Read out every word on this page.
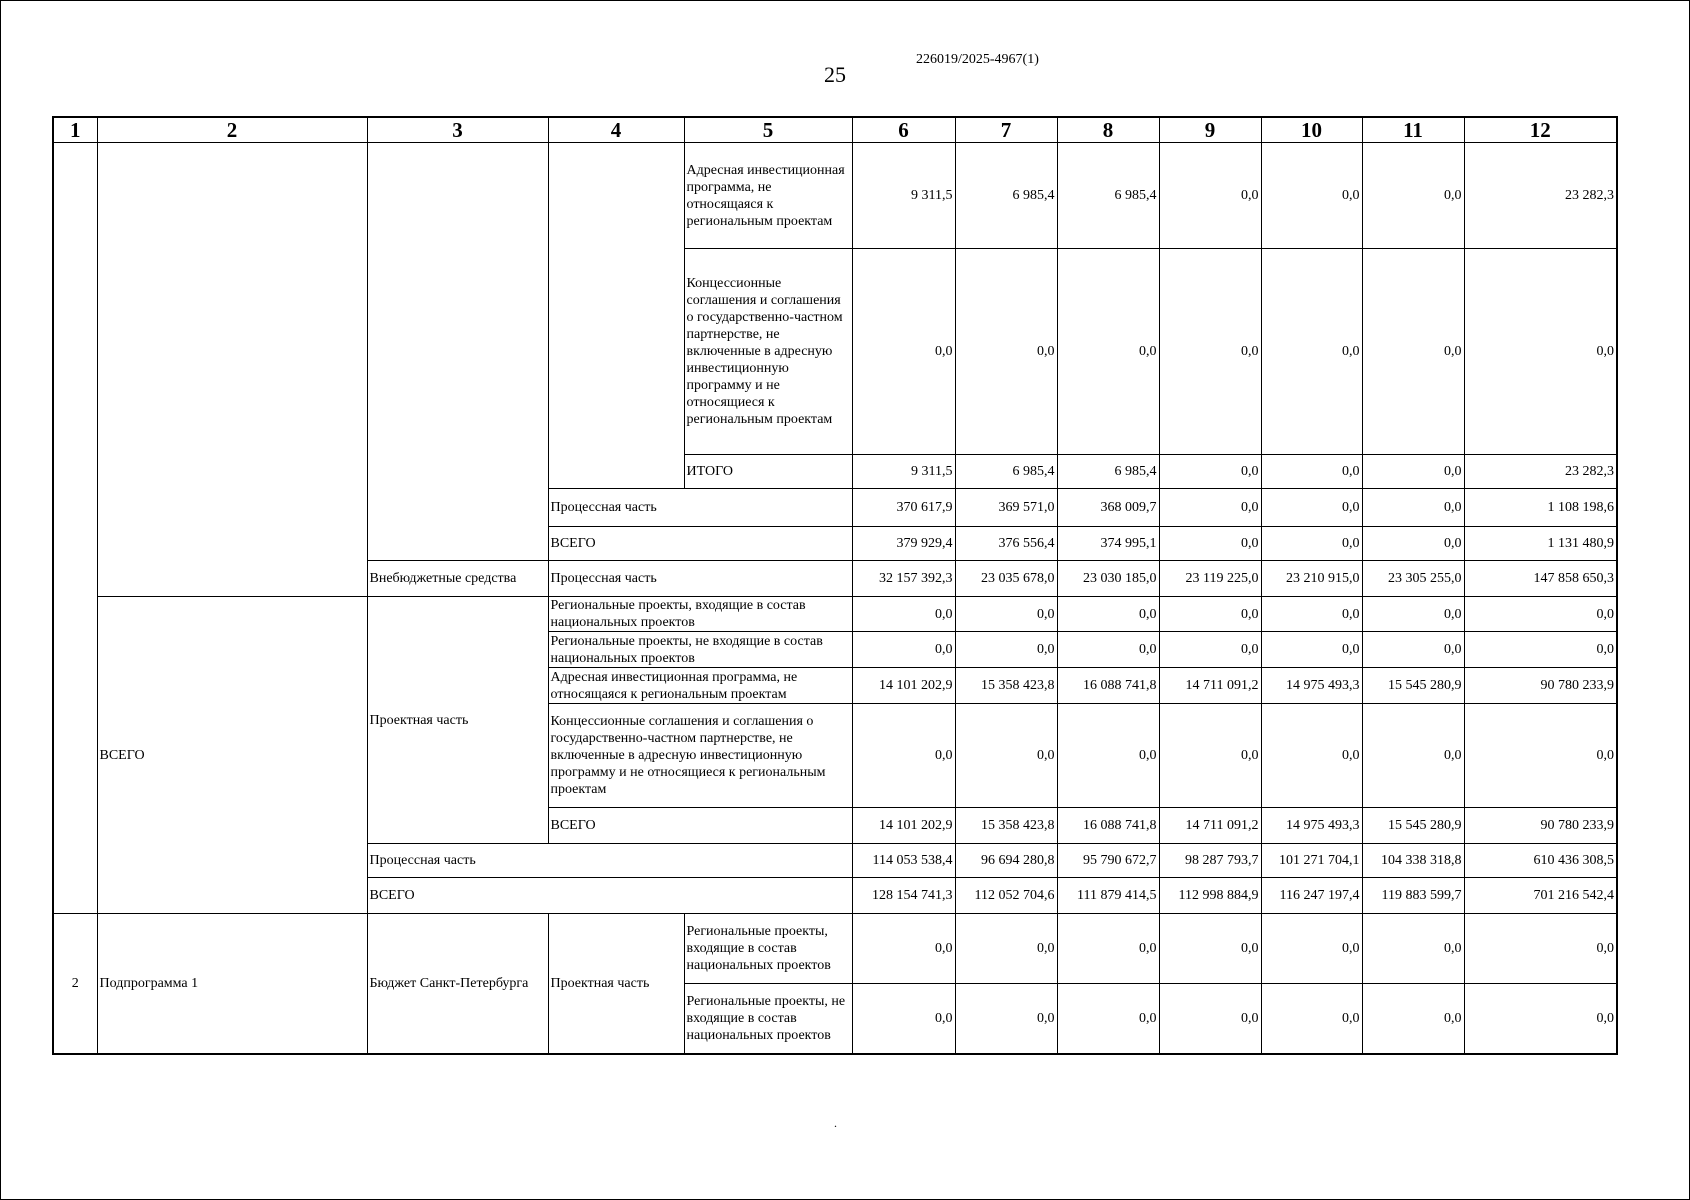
25
226019/2025-4967(1)
1	2	3	4	5	6	7	8	9	10	11	12
				Адресная инвестиционная программа, не относящаяся к региональным проектам	9 311,5	6 985,4	6 985,4	0,0	0,0	0,0	23 282,3
				Концессионные соглашения и соглашения о государственно-частном партнерстве, не включенные в адресную инвестиционную программу и не относящиеся к региональным проектам	0,0	0,0	0,0	0,0	0,0	0,0	0,0
				ИТОГО	9 311,5	6 985,4	6 985,4	0,0	0,0	0,0	23 282,3
			Процессная часть		370 617,9	369 571,0	368 009,7	0,0	0,0	0,0	1 108 198,6
			ВСЕГО		379 929,4	376 556,4	374 995,1	0,0	0,0	0,0	1 131 480,9
		Внебюджетные средства	Процессная часть		32 157 392,3	23 035 678,0	23 030 185,0	23 119 225,0	23 210 915,0	23 305 255,0	147 858 650,3
	ВСЕГО	Проектная часть	Региональные проекты, входящие в состав национальных проектов		0,0	0,0	0,0	0,0	0,0	0,0	0,0
			Региональные проекты, не входящие в состав национальных проектов		0,0	0,0	0,0	0,0	0,0	0,0	0,0
			Адресная инвестиционная программа, не относящаяся к региональным проектам		14 101 202,9	15 358 423,8	16 088 741,8	14 711 091,2	14 975 493,3	15 545 280,9	90 780 233,9
			Концессионные соглашения и соглашения о государственно-частном партнерстве, не включенные в адресную инвестиционную программу и не относящиеся к региональным проектам		0,0	0,0	0,0	0,0	0,0	0,0	0,0
			ВСЕГО		14 101 202,9	15 358 423,8	16 088 741,8	14 711 091,2	14 975 493,3	15 545 280,9	90 780 233,9
		Процессная часть			114 053 538,4	96 694 280,8	95 790 672,7	98 287 793,7	101 271 704,1	104 338 318,8	610 436 308,5
		ВСЕГО			128 154 741,3	112 052 704,6	111 879 414,5	112 998 884,9	116 247 197,4	119 883 599,7	701 216 542,4
2	Подпрограмма 1	Бюджет Санкт-Петербурга	Проектная часть	Региональные проекты, входящие в состав национальных проектов	0,0	0,0	0,0	0,0	0,0	0,0	0,0
				Региональные проекты, не входящие в состав национальных проектов	0,0	0,0	0,0	0,0	0,0	0,0	0,0
.
